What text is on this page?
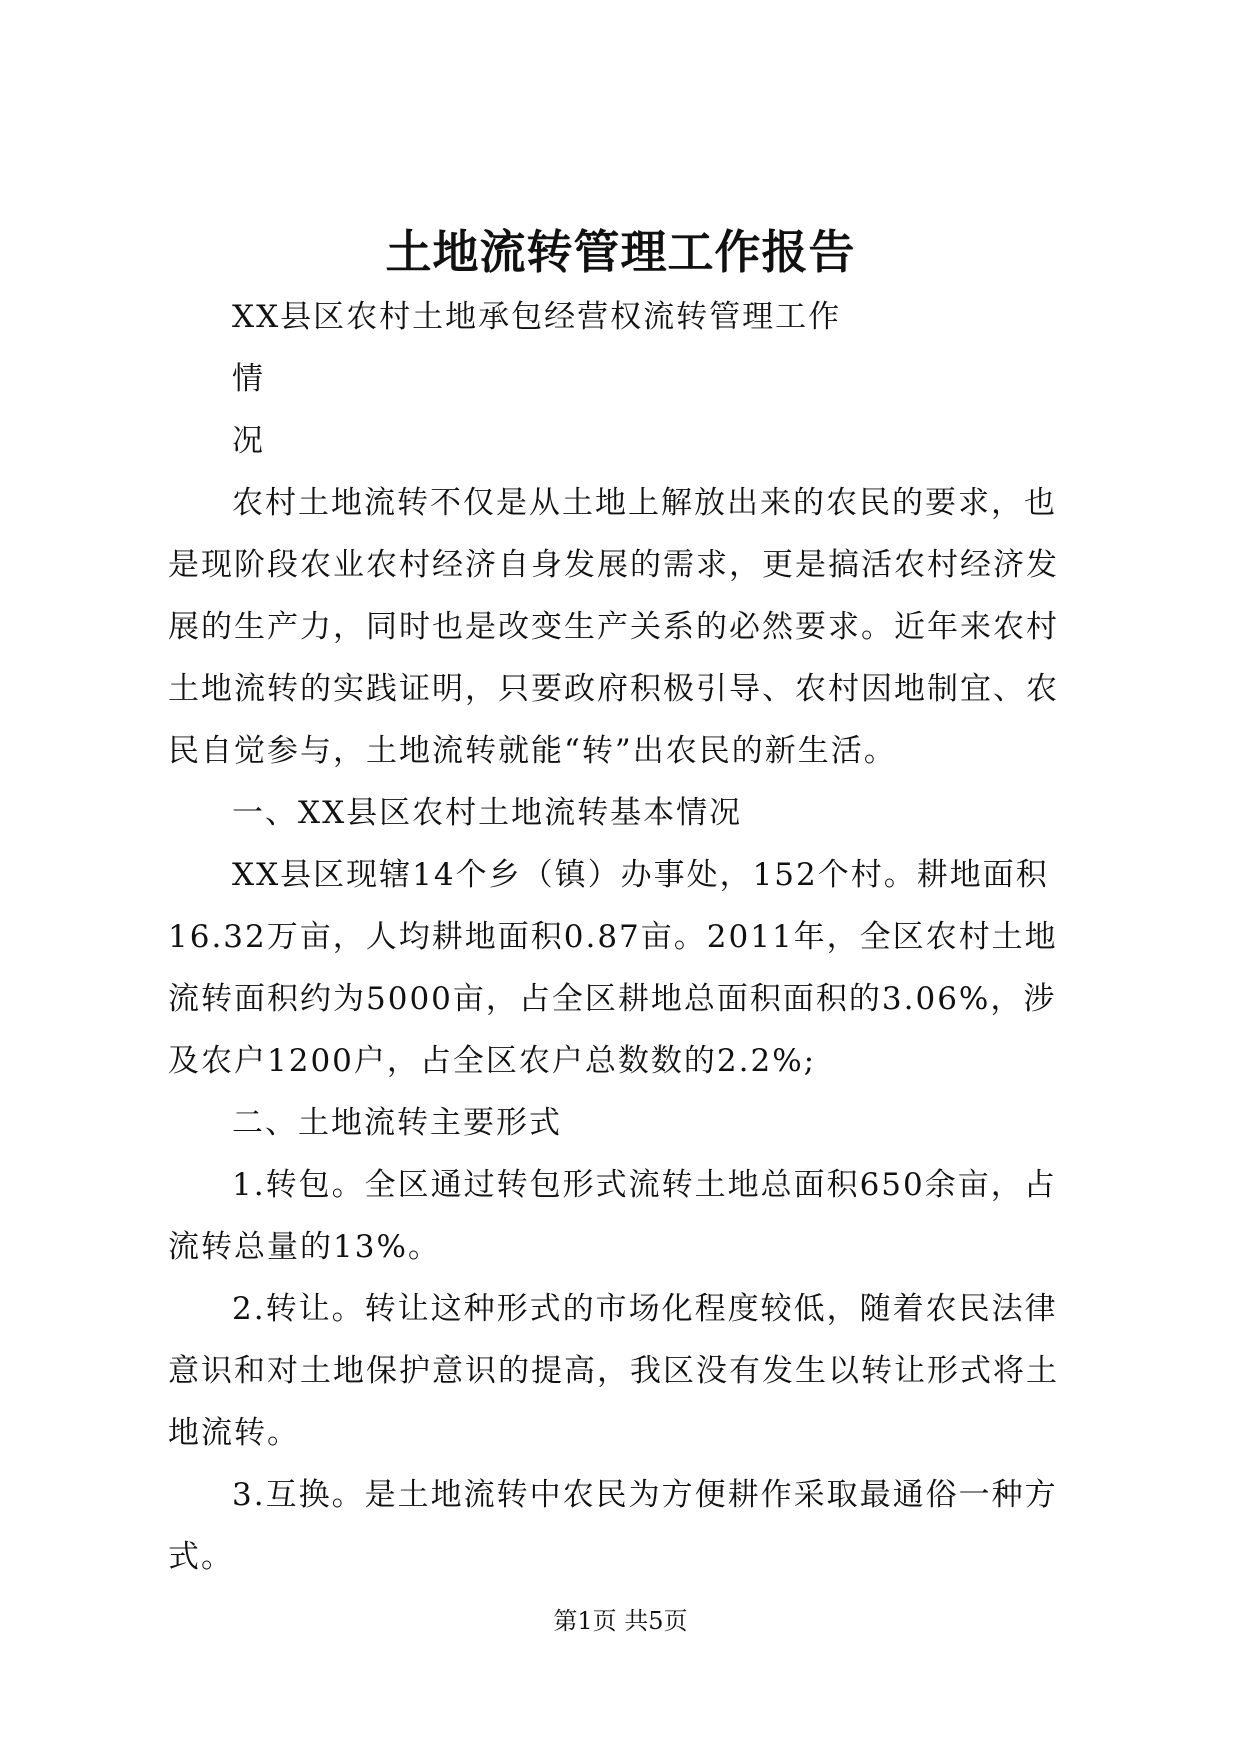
土地流转管理工作报告

XX县区农村土地承包经营权流转管理工作

情

况

农村土地流转不仅是从土地上解放出来的农民的要求，也是现阶段农业农村经济自身发展的需求，更是搞活农村经济发展的生产力，同时也是改变生产关系的必然要求。近年来农村土地流转的实践证明，只要政府积极引导、农村因地制宜、农民自觉参与，土地流转就能“转”出农民的新生活。

一、XX县区农村土地流转基本情况

XX县区现辖14个乡（镇）办事处，152个村。耕地面积16.32万亩，人均耕地面积0.87亩。2011年，全区农村土地流转面积约为5000亩，占全区耕地总面积面积的3.06%，涉及农户1200户，占全区农户总数数的2.2%;

二、土地流转主要形式

1.转包。全区通过转包形式流转土地总面积650余亩，占流转总量的13%。

2.转让。转让这种形式的市场化程度较低，随着农民法律意识和对土地保护意识的提高，我区没有发生以转让形式将土地流转。

3.互换。是土地流转中农民为方便耕作采取最通俗一种方式。

第1页 共5页
